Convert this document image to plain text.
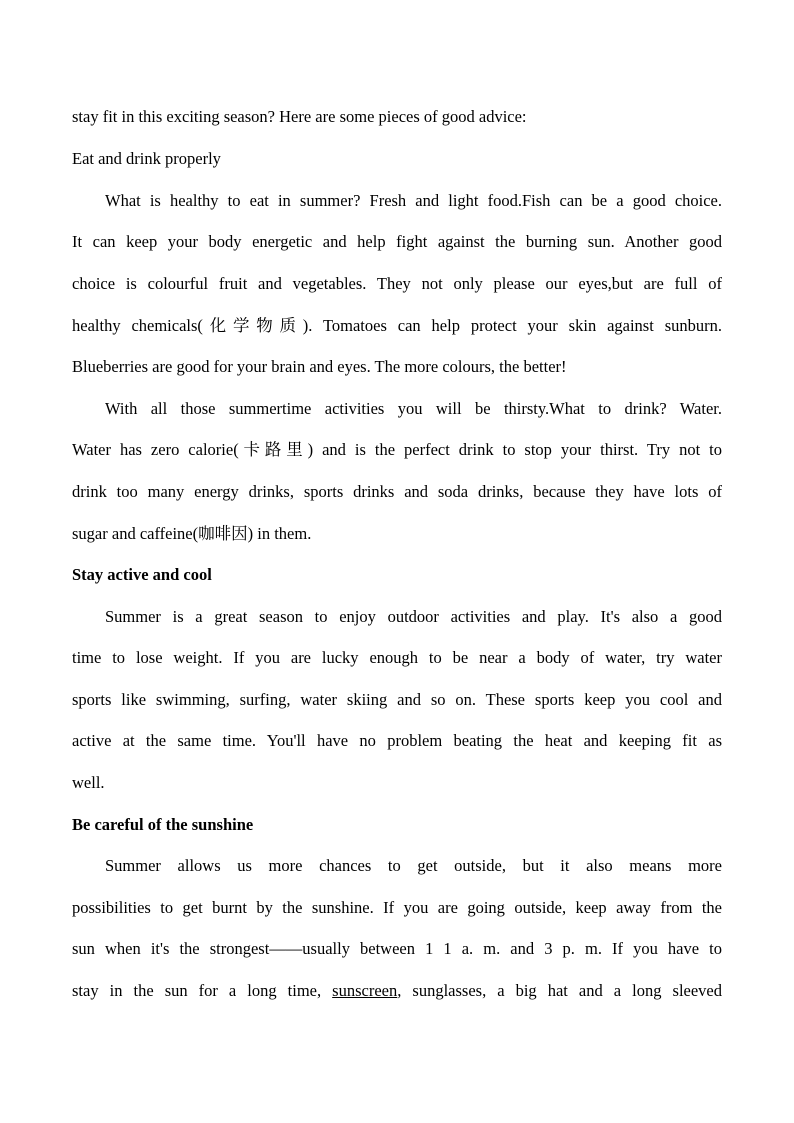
stay fit in this exciting season? Here are some pieces of good advice:
Eat and drink properly
What is healthy to eat in summer? Fresh and light food.Fish can be a good choice.
It can keep your body energetic and help fight against the burning sun. Another good
choice is colourful fruit and vegetables. They not only please our eyes,but are full of
healthy chemicals(化学物质). Tomatoes can help protect your skin against sunburn.
Blueberries are good for your brain and eyes. The more colours, the better!
With all those summertime activities you will be thirsty.What to drink? Water.
Water has zero calorie(卡路里) and is the perfect drink to stop your thirst. Try not to
drink too many energy drinks, sports drinks and soda drinks, because they have lots of
sugar and caffeine(咖啡因) in them.
Stay active and cool
Summer is a great season to enjoy outdoor activities and play. It's also a good
time to lose weight. If you are lucky enough to be near a body of water, try water
sports like swimming, surfing, water skiing and so on. These sports keep you cool and
active at the same time. You'll have no problem beating the heat and keeping fit as
well.
Be careful of the sunshine
Summer allows us more chances to get outside, but it also means more
possibilities to get burnt by the sunshine. If you are going outside, keep away from the
sun when it's the strongest——usually between 1 1 a. m. and 3 p. m. If you have to
stay in the sun for a long time, sunscreen, sunglasses, a big hat and a long sleeved
